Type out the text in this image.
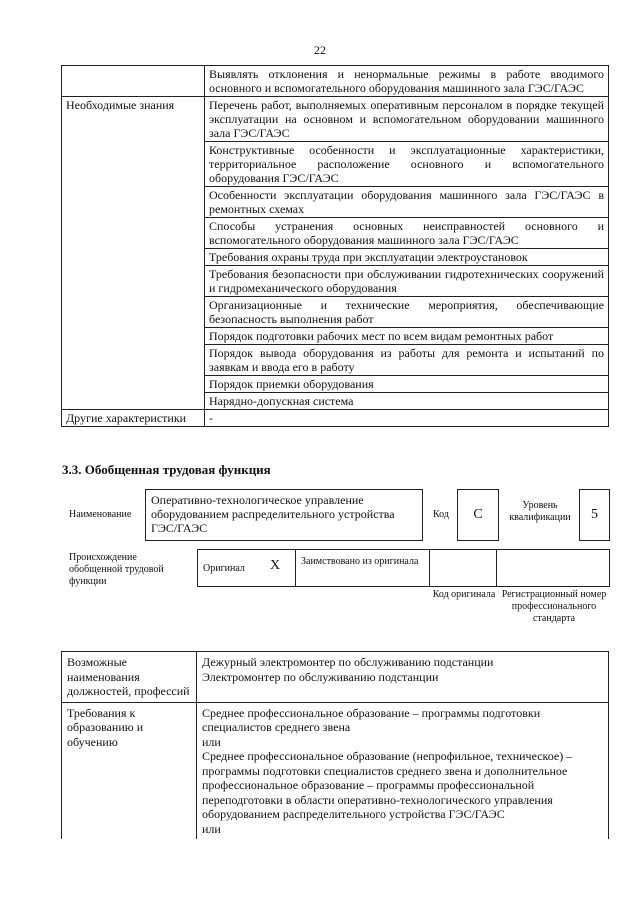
22
	Выявлять отклонения и ненормальные режимы в работе вводимого основного и вспомогательного оборудования машинного зала ГЭС/ГАЭС
Необходимые знания	Перечень работ, выполняемых оперативным персоналом в порядке текущей эксплуатации на основном и вспомогательном оборудовании машинного зала ГЭС/ГАЭС
	Конструктивные особенности и эксплуатационные характеристики, территориальное расположение основного и вспомогательного оборудования ГЭС/ГАЭС
	Особенности эксплуатации оборудования машинного зала ГЭС/ГАЭС в ремонтных схемах
	Способы устранения основных неисправностей основного и вспомогательного оборудования машинного зала ГЭС/ГАЭС
	Требования охраны труда при эксплуатации электроустановок
	Требования безопасности при обслуживании гидротехнических сооружений и гидромеханического оборудования
	Организационные и технические мероприятия, обеспечивающие безопасность выполнения работ
	Порядок подготовки рабочих мест по всем видам ремонтных работ
	Порядок вывода оборудования из работы для ремонта и испытаний по заявкам и ввода его в работу
	Порядок приемки оборудования
	Нарядно-допускная система
Другие характеристики	-
3.3. Обобщенная трудовая функция
Наименование
Оперативно-технологическое управление оборудованием распределительного устройства ГЭС/ГАЭС
Код	C
Уровень квалификации	5
Происхождение обобщенной трудовой функции
Оригинал X Заимствовано из оригинала
Код оригинала Регистрационный номер профессионального стандарта
Возможные наименования должностей, профессий	Дежурный электромонтер по обслуживанию подстанции
Электромонтер по обслуживанию подстанции

Требования к образованию и обучению	Среднее профессиональное образование – программы подготовки специалистов среднего звена
или
Среднее профессиональное образование (непрофильное, техническое) – программы подготовки специалистов среднего звена и дополнительное профессиональное образование – программы профессиональной переподготовки в области оперативно-технологического управления оборудованием распределительного устройства ГЭС/ГАЭС
или
